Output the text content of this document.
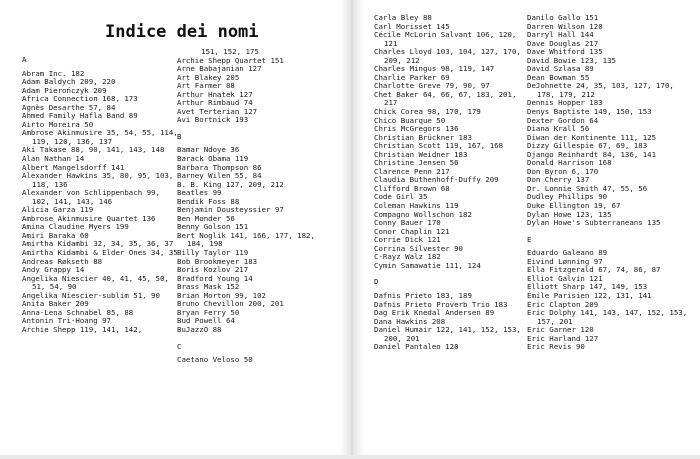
Indice dei nomi
A
Abram Inc. 182
Adam Baldych 209, 220
Adam Pierończyk 209
Africa Connection 168, 173
Agnès Desarthe 57, 84
Ahmed Family Hafla Band 89
Airto Moreira 50
Ambrose Akinmusire 35, 54, 55, 114, 119, 120, 136, 137
Aki Takase 88, 90, 141, 143, 148
Alan Nathan 14
Albert Mangelsdorff 141
Alexander Hawkins 35, 80, 95, 103, 118, 136
Alexander von Schlippenbach 99, 102, 141, 143, 146
Alicia Garza 119
Ambrose Akinmusire Quartet 136
Amina Claudine Myers 199
Amiri Baraka 60
Amirtha Kidambi 32, 34, 35, 36, 37
Amirtha Kidambi & Elder Ones 34, 35
Andreas Røkseth 88
Andy Grappy 14
Angelika Niescier 40, 41, 45, 50, 51, 54, 90
Angelika Niescier-sublim 51, 90
Anita Baker 209
Anna-Lena Schnabel 85, 88
Antonin Tri-Hoang 97
Archie Shepp 119, 141, 142,
151, 152, 175
Archie Shepp Quartet 151
Arne Babajanian 127
Art Blakey 205
Art Farmer 88
Arthur Hnatek 127
Arthur Rimbaud 74
Avet Terterian 127
Avi Bortnick 193
B
Bamar Ndoye 36
Barack Obama 119
Barbara Thompson 86
Barney Wilen 55, 84
B. B. King 127, 209, 212
Beatles 99
Bendik Foss 88
Benjamin Dousteyssier 97
Ben Monder 56
Benny Golson 151
Bert Noglik 141, 166, 177, 182, 184, 198
Billy Taylor 119
Bob Brookmeyer 183
Boris Kozlov 217
Bradford Young 14
Brass Mask 152
Brian Morton 99, 102
Bruno Chevillon 200, 201
Bryan Ferry 50
Bud Powell 64
BuJazzO 88
C
Caetano Veloso 50
Carla Bley 88
Carl Morisset 145
Cécile McLorin Salvant 106, 120, 121
Charles Lloyd 103, 104, 127, 170, 209, 212
Charles Mingus 98, 119, 147
Charlie Parker 69
Charlotte Greve 79, 90, 97
Chet Baker 64, 66, 67, 183, 201, 217
Chick Corea 98, 170, 179
Chico Buarque 50
Chris McGregors 136
Christian Brückner 183
Christian Scott 119, 167, 168
Christian Weidner 183
Christine Jensen 56
Clarence Penn 217
Claudia Buthenhoff-Duffy 209
Clifford Brown 68
Code Girl 35
Coleman Hawkins 119
Compagno Wollschon 182
Conny Bauer 170
Conor Chaplin 121
Corrie Dick 121
Corrina Silvester 90
C-Rayz Walz 182
Cymin Samawatie 111, 124
D
Dafnis Prieto 183, 189
Dafnis Prieto Proverb Trio 183
Dag Erik Knedal Andersen 89
Dana Hawkins 208
Daniel Humair 122, 141, 152, 153, 200, 201
Daniel Pantaleo 120
Danilo Gallo 151
Darren Wilson 120
Darryl Hall 144
Dave Douglas 217
Dave Whitford 135
David Bowie 123, 135
David Szlasa 89
Dean Bowman 55
DeJohnette 24, 35, 103, 127, 170, 178, 179, 212
Dennis Hopper 183
Denys Baptiste 149, 150, 153
Dexter Gordon 64
Diana Krall 56
Diwan der Kontinente 111, 125
Dizzy Gillespie 67, 69, 183
Django Reinhardt 84, 136, 141
Donald Harrison 168
Don Byron 6, 170
Don Cherry 137
Dr. Lonnie Smith 47, 55, 56
Dudley Phillips 90
Duke Ellington 19, 67
Dylan Howe 123, 135
Dylan Howe's Subterraneans 135
E
Eduardo Galeano 89
Eivind Lønning 97
Ella Fitzgerald 67, 74, 86, 87
Elliot Galvin 121
Elliott Sharp 147, 149, 153
Émile Parisien 122, 131, 141
Eric Clapton 209
Eric Dolphy 141, 143, 147, 152, 153, 157, 201
Eric Garner 120
Eric Harland 127
Eric Revis 90
